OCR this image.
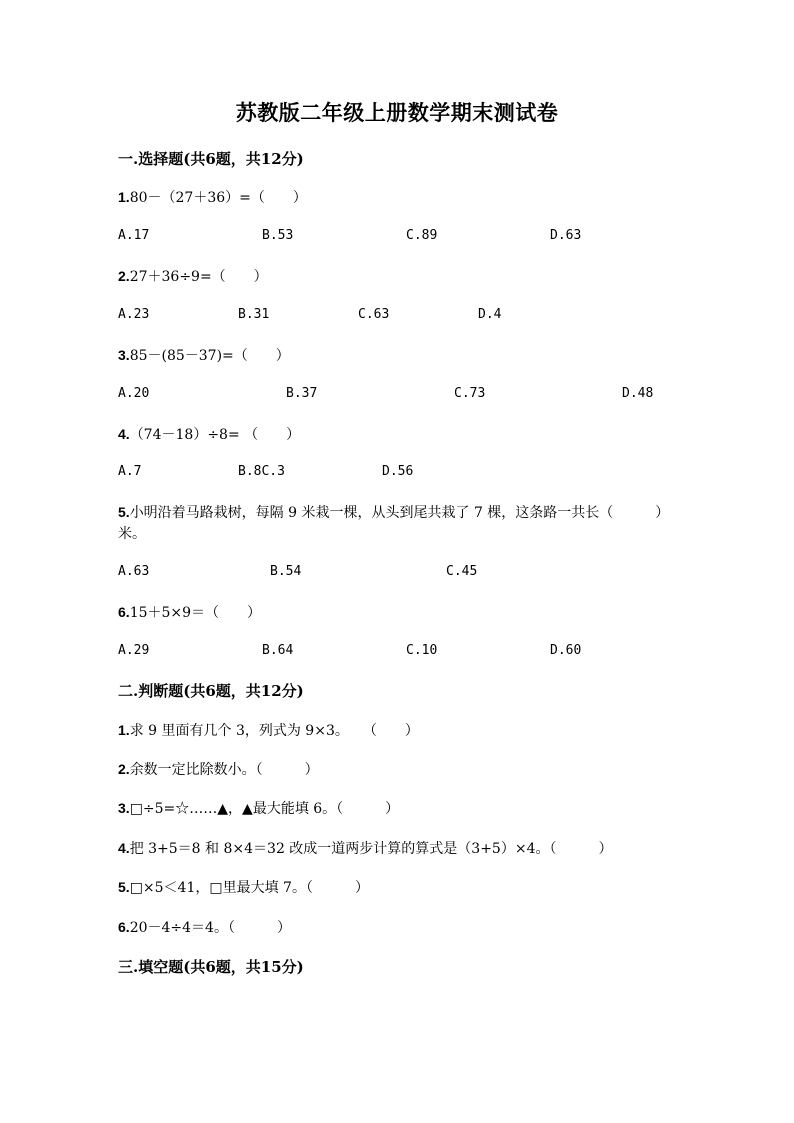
苏教版二年级上册数学期末测试卷
一.选择题(共6题，共12分)
1.80－（27＋36）=（　　）
A.17	B.53	C.89	D.63
2.27＋36÷9=（　　）
A.23	B.31	C.63	D.4
3.85－(85－37)=（　　）
A.20	B.37	C.73	D.48
4.（74－18）÷8= （　　）
A.7	B.8C.3	D.56
5.小明沿着马路栽树，每隔 9 米栽一棵，从头到尾共栽了 7 棵，这条路一共长（　　　）米。
A.63	B.54	C.45
6.15＋5×9＝（　　）
A.29	B.64	C.10	D.60
二.判断题(共6题，共12分)
1.求 9 里面有几个 3，列式为 9×3。　　（　　）
2.余数一定比除数小。（　　　）
3.□÷5=☆……▲，▲最大能填 6。（　　　）
4.把 3+5＝8 和 8×4＝32 改成一道两步计算的算式是（3+5）×4。（　　　）
5.□×5＜41，□里最大填 7。（　　　）
6.20－4÷4＝4。（　　　）
三.填空题(共6题，共15分)
